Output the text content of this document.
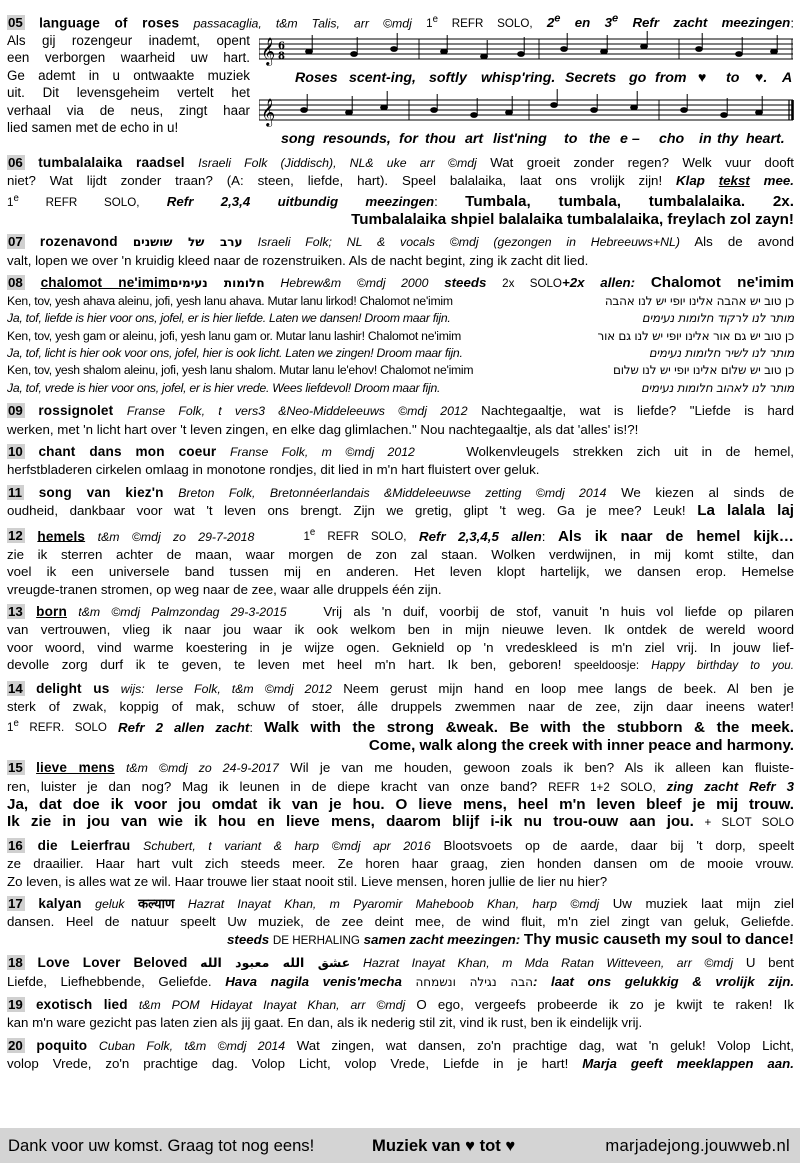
05 language of roses passacaglia, t&m Talis, arr ©mdj 1e REFR SOLO, 2e en 3e Refr zacht meezingen:
Als gij rozengeur inademt, opent
een verborgen waarheid uw hart.
Ge ademt in u ontwaakte muziek
uit. Dit levensgeheim vertelt het
verhaal via de neus, zingt haar
lied samen met de echo in u!
𝄞
𝄞
6
8
Roses scent-ing, softly whisp'ring. Secrets go from ♥ to ♥. A
song resounds, for thou art list'ning to the e – cho in thy heart.
06 tumbalalaika raadsel Israeli Folk (Jiddisch), NL& uke arr ©mdj Wat groeit zonder regen? Welk vuur dooft
niet? Wat lijdt zonder traan? (A: steen, liefde, hart). Speel balalaika, laat ons vrolijk zijn! Klap tekst mee.
1e REFR SOLO, Refr 2,3,4 uitbundig meezingen: Tumbala, tumbala, tumbalalaika. 2x.
Tumbalalaika shpiel balalaika tumbalalaika, freylach zol zayn!
07 rozenavond ערב של שושנים Israeli Folk; NL & vocals ©mdj (gezongen in Hebreeuws+NL) Als de avond
valt, lopen we over 'n kruidig kleed naar de rozenstruiken. Als de nacht begint, zing ik zacht dit lied.
08 chalomot ne'imimחלומות נעימים Hebrew&m ©mdj 2000 steeds 2x SOLO+2x allen: Chalomot ne'imim
Ken, tov, yesh ahava aleinu, jofi, yesh lanu ahava. Mutar lanu lirkod! Chalomot ne'imim	כן טוב יש אהבה אלינו יופי יש לנו אהבה
Ja, tof, liefde is hier voor ons, jofel, er is hier liefde. Laten we dansen! Droom maar fijn.	מותר לנו לרקוד חלומות נעימים
Ken, tov, yesh gam or aleinu, jofi, yesh lanu gam or. Mutar lanu lashir! Chalomot ne'imim	כן טוב יש גם אור אלינו יופי יש לנו גם אור
Ja, tof, licht is hier ook voor ons, jofel, hier is ook licht. Laten we zingen! Droom maar fijn.	מותר לנו לשיר חלומות נעימים
Ken, tov, yesh shalom aleinu, jofi, yesh lanu shalom. Mutar lanu le'ehov! Chalomot ne'imim	כן טוב יש שלום אלינו יופי יש לנו שלום
Ja, tof, vrede is hier voor ons, jofel, er is hier vrede. Wees liefdevol! Droom maar fijn.	מותר לנו לאהוב חלומות נעימים
09 rossignolet Franse Folk, t vers3 &Neo-Middeleeuws ©mdj 2012 Nachtegaaltje, wat is liefde? "Liefde is hard
werken, met 'n licht hart over 't leven zingen, en elke dag glimlachen." Nou nachtegaaltje, als dat 'alles' is!?!
10 chant dans mon coeur Franse Folk, m ©mdj 2012	Wolkenvleugels strekken zich uit in de hemel,
herfstbladeren cirkelen omlaag in monotone rondjes, dit lied in m'n hart fluistert over geluk.
11 song van kiez'n Breton Folk, Bretonnéerlandais &Middeleeuwse zetting ©mdj 2014 We kiezen al sinds de
oudheid, dankbaar voor wat 't leven ons brengt. Zijn we gretig, glipt 't weg. Ga je mee? Leuk! La lalala laj
12 hemels t&m ©mdj zo 29-7-2018	1e REFR SOLO, Refr 2,3,4,5 allen: Als ik naar de hemel kijk…
zie ik sterren achter de maan, waar morgen de zon zal staan. Wolken verdwijnen, in mij komt stilte, dan
voel ik een universele band tussen mij en anderen. Het leven klopt hartelijk, we dansen erop. Hemelse
vreugde-tranen stromen, op weg naar de zee, waar alle druppels één zijn.
13 born t&m ©mdj Palmzondag 29-3-2015	Vrij als 'n duif, voorbij de stof, vanuit 'n huis vol liefde op pilaren
van vertrouwen, vlieg ik naar jou waar ik ook welkom ben in mijn nieuwe leven. Ik ontdek de wereld woord
voor woord, vind warme koestering in je wijze ogen. Geknield op 'n vredeskleed is m'n ziel vrij. In jouw lief-
devolle zorg durf ik te geven, te leven met heel m'n hart. Ik ben, geboren! speeldoosje: Happy birthday to you.
14 delight us wijs: Ierse Folk, t&m ©mdj 2012 Neem gerust mijn hand en loop mee langs de beek. Al ben je
sterk of zwak, koppig of mak, schuw of stoer, álle druppels zwemmen naar de zee, zijn daar ineens water!
1e REFR. SOLO Refr 2 allen zacht: Walk with the strong &weak. Be with the stubborn & the meek.
Come, walk along the creek with inner peace and harmony.
15 lieve mens t&m ©mdj zo 24-9-2017 Wil je van me houden, gewoon zoals ik ben? Als ik alleen kan fluiste-
ren, luister je dan nog? Mag ik leunen in de diepe kracht van onze band? REFR 1+2 SOLO, zing zacht Refr 3
Ja, dat doe ik voor jou omdat ik van je hou. O lieve mens, heel m'n leven bleef je mij trouw.
Ik zie in jou van wie ik hou en lieve mens, daarom blijf i-ik nu trou-ouw aan jou. + SLOT SOLO
16 die Leierfrau Schubert, t variant & harp ©mdj apr 2016 Blootsvoets op de aarde, daar bij 't dorp, speelt
ze draailier. Haar hart vult zich steeds meer. Ze horen haar graag, zien honden dansen om de mooie vrouw.
Zo leven, is alles wat ze wil. Haar trouwe lier staat nooit stil. Lieve mensen, horen jullie de lier nu hier?
17 kalyan geluk कल्याण Hazrat Inayat Khan, m Pyaromir Maheboob Khan, harp ©mdj Uw muziek laat mijn ziel
dansen. Heel de natuur speelt Uw muziek, de zee deint mee, de wind fluit, m'n ziel zingt van geluk, Geliefde.
steeds DE HERHALING samen zacht meezingen: Thy music causeth my soul to dance!
18 Love Lover Beloved عشق الله معبود الله Hazrat Inayat Khan, m Mda Ratan Witteveen, arr ©mdj U bent
Liefde, Liefhebbende, Geliefde. Hava nagila venis'mecha הבה נגילה ונשמחה: laat ons gelukkig & vrolijk zijn.
19 exotisch lied t&m POM Hidayat Inayat Khan, arr ©mdj O ego, vergeefs probeerde ik zo je kwijt te raken! Ik
kan m'n ware gezicht pas laten zien als jij gaat. En dan, als ik nederig stil zit, vind ik rust, ben ik eindelijk vrij.
20 poquito Cuban Folk, t&m ©mdj 2014 Wat zingen, wat dansen, zo'n prachtige dag, wat 'n geluk! Volop Licht,
volop Vrede, zo'n prachtige dag. Volop Licht, volop Vrede, Liefde in je hart! Marja geeft meeklappen aan.
Dank voor uw komst. Graag tot nog eens!	Muziek van ♥ tot ♥	marjadejong.jouwweb.nl
